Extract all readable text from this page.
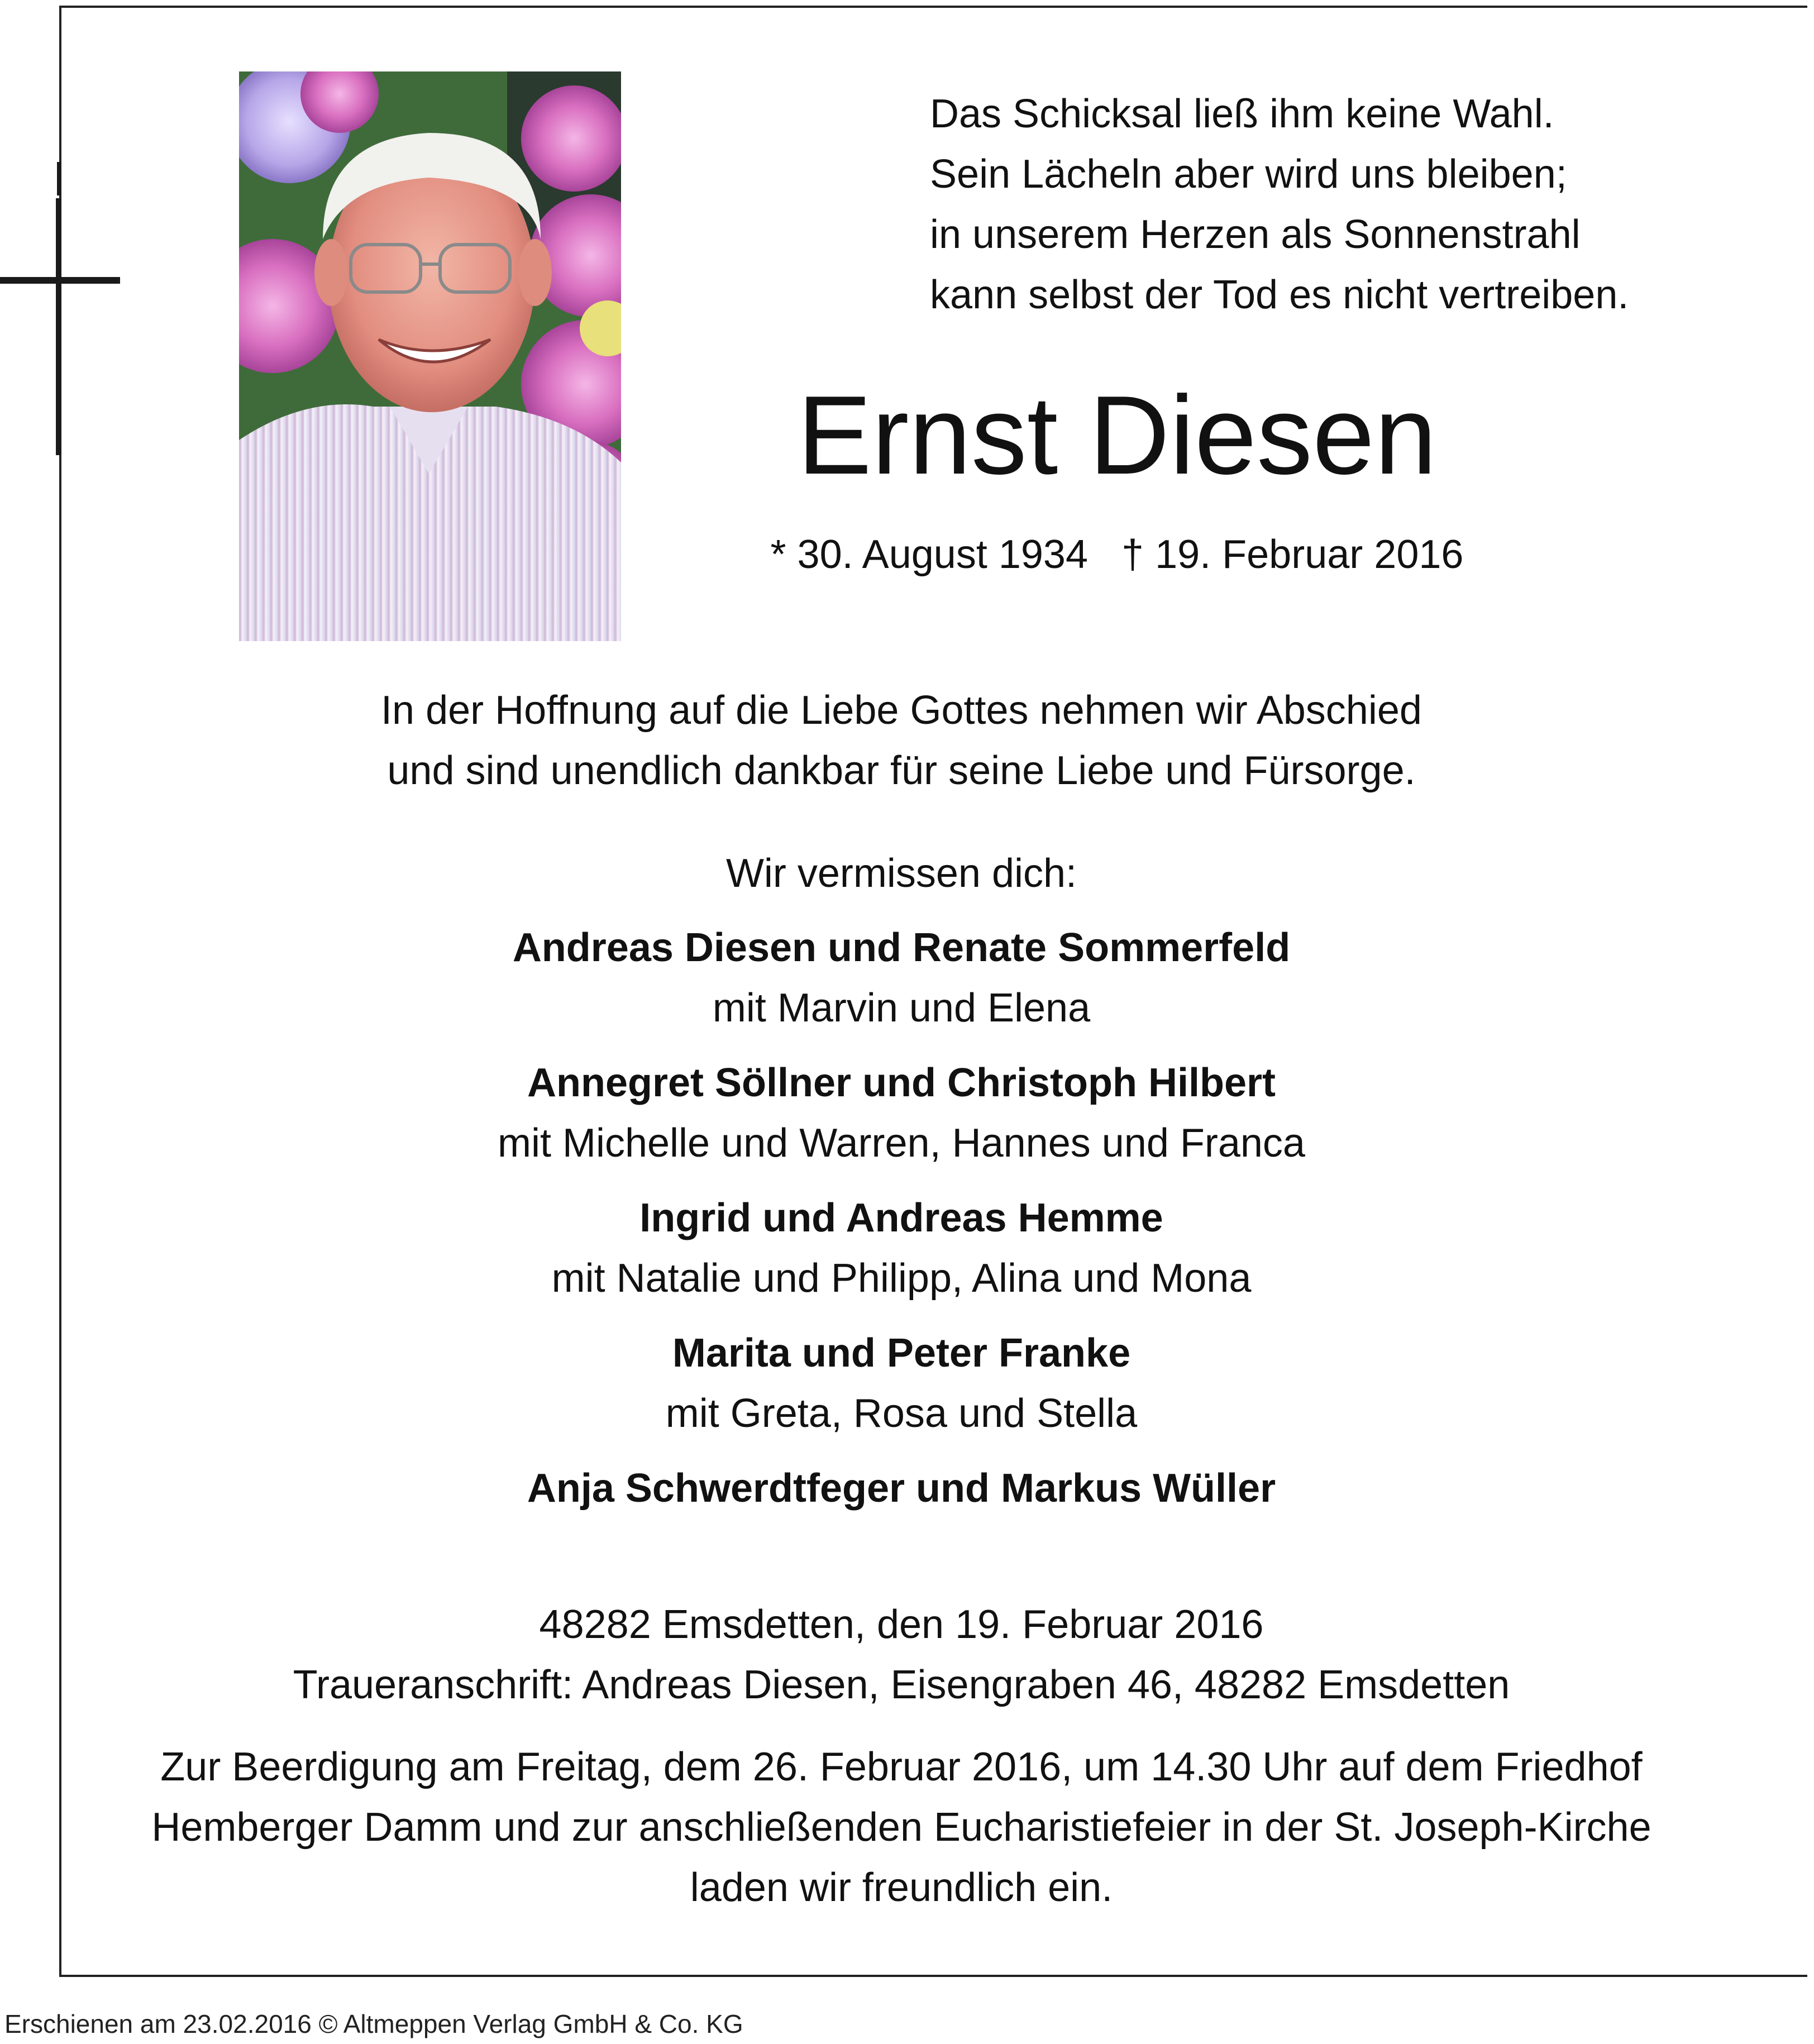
Das Schicksal ließ ihm keine Wahl.
Sein Lächeln aber wird uns bleiben;
in unserem Herzen als Sonnenstrahl
kann selbst der Tod es nicht vertreiben.
Ernst Diesen
* 30. August 1934   † 19. Februar 2016
In der Hoffnung auf die Liebe Gottes nehmen wir Abschied
und sind unendlich dankbar für seine Liebe und Fürsorge.
Wir vermissen dich:
Andreas Diesen und Renate Sommerfeld
mit Marvin und Elena
Annegret Söllner und Christoph Hilbert
mit Michelle und Warren, Hannes und Franca
Ingrid und Andreas Hemme
mit Natalie und Philipp, Alina und Mona
Marita und Peter Franke
mit Greta, Rosa und Stella
Anja Schwerdtfeger und Markus Wüller
48282 Emsdetten, den 19. Februar 2016
Traueranschrift: Andreas Diesen, Eisengraben 46, 48282 Emsdetten
Zur Beerdigung am Freitag, dem 26. Februar 2016, um 14.30 Uhr auf dem Friedhof
Hemberger Damm und zur anschließenden Eucharistiefeier in der St. Joseph-Kirche
laden wir freundlich ein.
Erschienen am 23.02.2016 © Altmeppen Verlag GmbH & Co. KG
